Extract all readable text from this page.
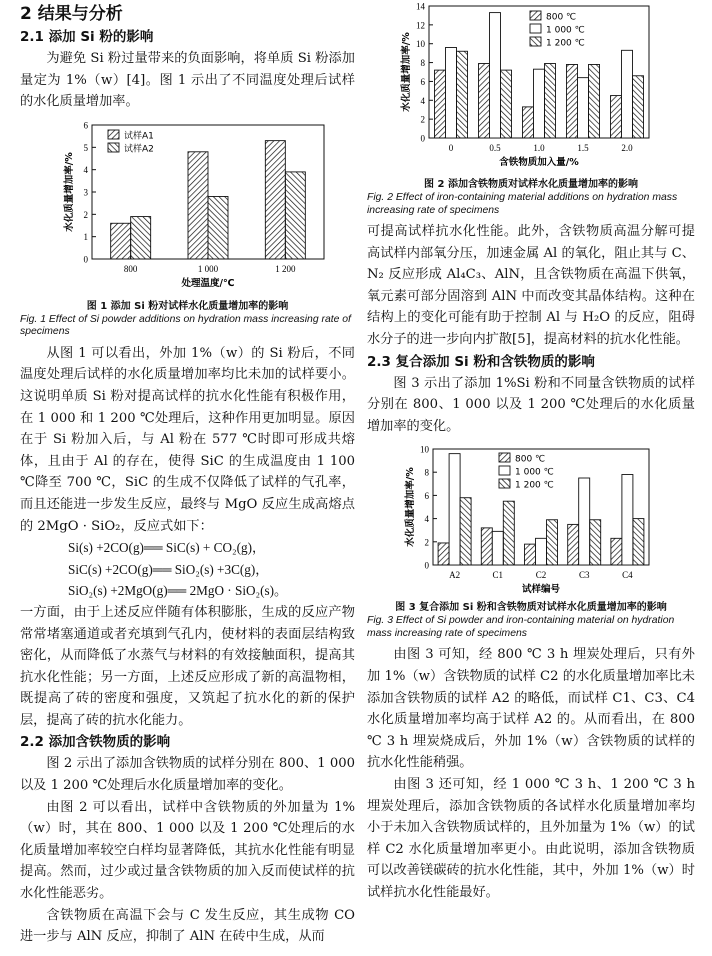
2 结果与分析
2.1 添加 Si 粉的影响

为避免 Si 粉过量带来的负面影响，将单质 Si 粉添加量定为 1%（w）[4]。图 1 示出了不同温度处理后试样的水化质量增加率。

0
1
2
3
4
5
6
水化质量增加率/%
800	1 000	1 200
处理温度/℃
试样A1
试样A2
图 1 添加 Si 粉对试样水化质量增加率的影响
Fig. 1 Effect of Si powder additions on hydration mass increasing rate of specimens

从图 1 可以看出，外加 1%（w）的 Si 粉后，不同温度处理后试样的水化质量增加率均比未加的试样要小。这说明单质 Si 粉对提高试样的抗水化性能有积极作用，在 1 000 和 1 200 ℃处理后，这种作用更加明显。原因在于 Si 粉加入后，与 Al 粉在 577 ℃时即可形成共熔体，且由于 Al 的存在，使得 SiC 的生成温度由 1 100 ℃降至 700 ℃，SiC 的生成不仅降低了试样的气孔率，而且还能进一步发生反应，最终与 MgO 反应生成高熔点的 2MgO · SiO₂，反应式如下：

Si(s) +2CO(g)══ SiC(s) + CO₂(g)，
SiC(s) +2CO(g)══ SiO₂(s) +3C(g)，
SiO₂(s) +2MgO(g)══ 2MgO · SiO₂(s)。

一方面，由于上述反应伴随有体积膨胀，生成的反应产物常常堵塞通道或者充填到气孔内，使材料的表面层结构致密化，从而降低了水蒸气与材料的有效接触面积，提高其抗水化性能；另一方面，上述反应形成了新的高温物相，既提高了砖的密度和强度，又筑起了抗水化的新的保护层，提高了砖的抗水化能力。

2.2 添加含铁物质的影响

图 2 示出了添加含铁物质的试样分别在 800、1 000 以及 1 200 ℃处理后水化质量增加率的变化。

由图 2 可以看出，试样中含铁物质的外加量为 1%（w）时，其在 800、1 000 以及 1 200 ℃处理后的水化质量增加率较空白样均显著降低，其抗水化性能有明显提高。然而，过少或过量含铁物质的加入反而使试样的抗水化性能恶劣。

含铁物质在高温下会与 C 发生反应，其生成物 CO 进一步与 AlN 反应，抑制了 AlN 在砖中生成，从而

0
2
4
6
8
10
12
14
水化质量增加率/%
0	0.5	1.0	1.5	2.0
含铁物质加入量/%
800 ℃
1 000 ℃
1 200 ℃
图 2 添加含铁物质对试样水化质量增加率的影响
Fig. 2 Effect of iron-containing material additions on hydration mass increasing rate of specimens

可提高试样抗水化性能。此外，含铁物质高温分解可提高试样内部氧分压，加速金属 Al 的氧化，阻止其与 C、N₂ 反应形成 Al₄C₃、AlN，且含铁物质在高温下供氧，氧元素可部分固溶到 AlN 中而改变其晶体结构。这种在结构上的变化可能有助于控制 Al 与 H₂O 的反应，阻碍水分子的进一步向内扩散[5]，提高材料的抗水化性能。

2.3 复合添加 Si 粉和含铁物质的影响

图 3 示出了添加 1%Si 粉和不同量含铁物质的试样分别在 800、1 000 以及 1 200 ℃处理后的水化质量增加率的变化。

0
2
4
6
8
10
水化质量增加率/%
A2	C1	C2	C3	C4
试样编号
800 ℃
1 000 ℃
1 200 ℃
图 3 复合添加 Si 粉和含铁物质对试样水化质量增加率的影响
Fig. 3 Effect of Si powder and iron-containing material on hydration mass increasing rate of specimens

由图 3 可知，经 800 ℃ 3 h 埋炭处理后，只有外加 1%（w）含铁物质的试样 C2 的水化质量增加率比未添加含铁物质的试样 A2 的略低，而试样 C1、C3、C4 水化质量增加率均高于试样 A2 的。从而看出，在 800 ℃ 3 h 埋炭烧成后，外加 1%（w）含铁物质的试样的抗水化性能稍强。

由图 3 还可知，经 1 000 ℃ 3 h、1 200 ℃ 3 h 埋炭处理后，添加含铁物质的各试样水化质量增加率均小于未加入含铁物质试样的，且外加量为 1%（w）的试样 C2 水化质量增加率更小。由此说明，添加含铁物质可以改善镁碳砖的抗水化性能，其中，外加 1%（w）时试样抗水化性能最好。
